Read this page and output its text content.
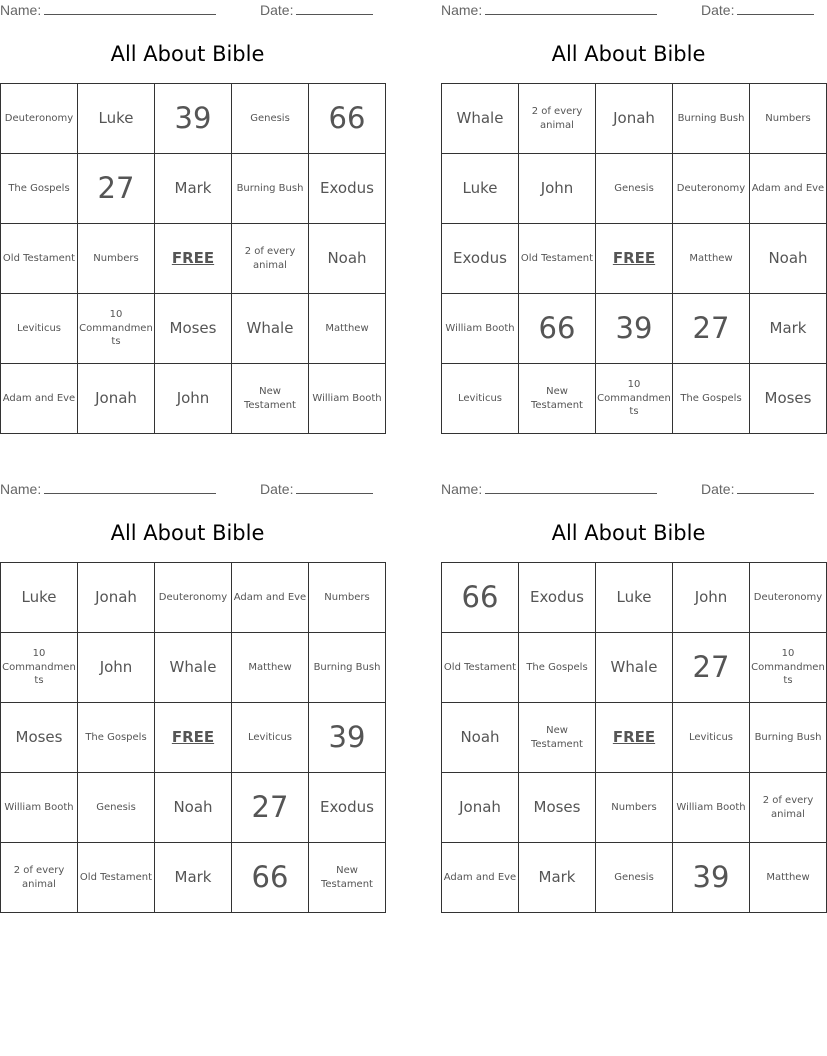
Name:	Date:
All About Bible
Deuteronomy	Luke	39	Genesis	66
The Gospels	27	Mark	Burning Bush	Exodus
Old Testament	Numbers	FREE	2 of every animal	Noah
Leviticus	10 Commandments	Moses	Whale	Matthew
Adam and Eve	Jonah	John	New Testament	William Booth
Name:	Date:
All About Bible
Whale	2 of every animal	Jonah	Burning Bush	Numbers
Luke	John	Genesis	Deuteronomy	Adam and Eve
Exodus	Old Testament	FREE	Matthew	Noah
William Booth	66	39	27	Mark
Leviticus	New Testament	10 Commandments	The Gospels	Moses
Name:	Date:
All About Bible
Luke	Jonah	Deuteronomy	Adam and Eve	Numbers
10 Commandments	John	Whale	Matthew	Burning Bush
Moses	The Gospels	FREE	Leviticus	39
William Booth	Genesis	Noah	27	Exodus
2 of every animal	Old Testament	Mark	66	New Testament
Name:	Date:
All About Bible
66	Exodus	Luke	John	Deuteronomy
Old Testament	The Gospels	Whale	27	10 Commandments
Noah	New Testament	FREE	Leviticus	Burning Bush
Jonah	Moses	Numbers	William Booth	2 of every animal
Adam and Eve	Mark	Genesis	39	Matthew
